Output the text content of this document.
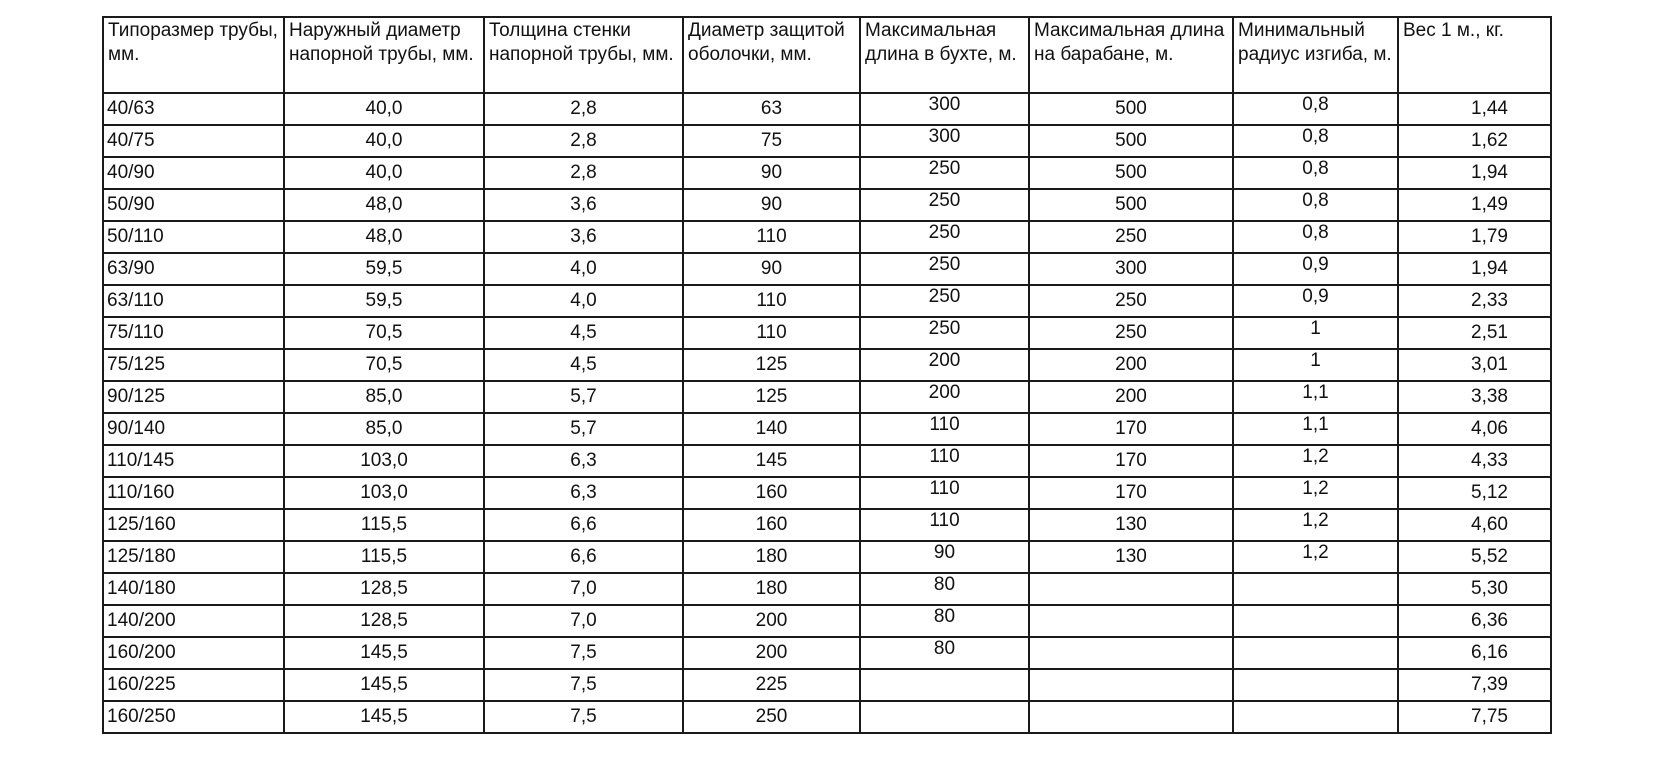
Типоразмер трубы, мм.	Наружный диаметр напорной трубы, мм.	Толщина стенки напорной трубы, мм.	Диаметр защитой оболочки, мм.	Максимальная длина в бухте, м.	Максимальная длина на барабане, м.	Минимальный радиус изгиба, м.	Вес 1 м., кг.
40/63	40,0	2,8	63	300	500	0,8	1,44
40/75	40,0	2,8	75	300	500	0,8	1,62
40/90	40,0	2,8	90	250	500	0,8	1,94
50/90	48,0	3,6	90	250	500	0,8	1,49
50/110	48,0	3,6	110	250	250	0,8	1,79
63/90	59,5	4,0	90	250	300	0,9	1,94
63/110	59,5	4,0	110	250	250	0,9	2,33
75/110	70,5	4,5	110	250	250	1	2,51
75/125	70,5	4,5	125	200	200	1	3,01
90/125	85,0	5,7	125	200	200	1,1	3,38
90/140	85,0	5,7	140	110	170	1,1	4,06
110/145	103,0	6,3	145	110	170	1,2	4,33
110/160	103,0	6,3	160	110	170	1,2	5,12
125/160	115,5	6,6	160	110	130	1,2	4,60
125/180	115,5	6,6	180	90	130	1,2	5,52
140/180	128,5	7,0	180	80			5,30
140/200	128,5	7,0	200	80			6,36
160/200	145,5	7,5	200	80			6,16
160/225	145,5	7,5	225				7,39
160/250	145,5	7,5	250				7,75
